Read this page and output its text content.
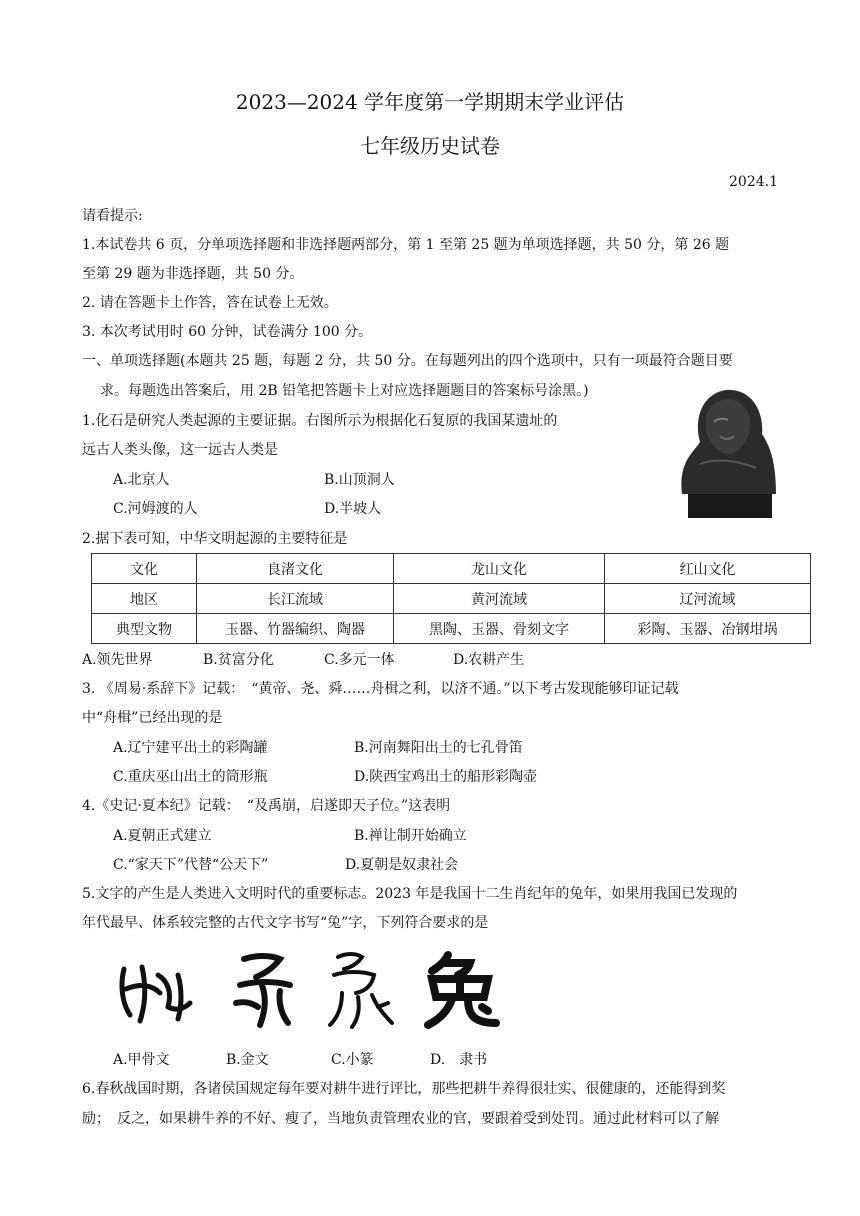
2023—2024 学年度第一学期期末学业评估
七年级历史试卷
2024.1
请看提示:
1.本试卷共 6 页，分单项选择题和非选择题两部分，第 1 至第 25 题为单项选择题，共 50 分，第 26 题
至第 29 题为非选择题，共 50 分。
2. 请在答题卡上作答，答在试卷上无效。
3. 本次考试用时 60 分钟，试卷满分 100 分。
一、单项选择题(本题共 25 题，每题 2 分，共 50 分。在每题列出的四个选项中，只有一项最符合题目要
求。每题选出答案后，用 2B 铅笔把答题卡上对应选择题题目的答案标号涂黑。)
1.化石是研究人类起源的主要证据。右图所示为根据化石复原的我国某遗址的
远古人类头像，这一远古人类是
A.北京人	B.山顶洞人
C.河姆渡的人	D.半坡人
2.据下表可知，中华文明起源的主要特征是
文化	良渚文化	龙山文化	红山文化
地区	长江流域	黄河流域	辽河流域
典型文物	玉器、竹器编织、陶器	黑陶、玉器、骨刻文字	彩陶、玉器、冶钢坩埚
A.领先世界	B.贫富分化	C.多元一体	D.农耕产生
3. 《周易·系辞下》记载：　“黄帝、尧、舜……舟楫之利，以济不通。”以下考古发现能够印证记载
中“舟楫”已经出现的是
A.辽宁建平出土的彩陶罐	B.河南舞阳出土的七孔骨笛
C.重庆巫山出土的筒形瓶	D.陕西宝鸡出土的船形彩陶壶
4.《史记·夏本纪》记载：　“及禹崩，启遂即天子位。”这表明
A.夏朝正式建立	B.禅让制开始确立
C.“家天下”代替“公天下”	D.夏朝是奴隶社会
5.文字的产生是人类进入文明时代的重要标志。2023 年是我国十二生肖纪年的兔年，如果用我国已发现的
年代最早、体系较完整的古代文字书写“兔”字，下列符合要求的是
A.甲骨文	B.金文	C.小篆	D.　隶书
6.春秋战国时期，各诸侯国规定每年要对耕牛进行评比，那些把耕牛养得很壮实、很健康的，还能得到奖
励；　反之，如果耕牛养的不好、瘦了，当地负责管理农业的官，要跟着受到处罚。通过此材料可以了解
